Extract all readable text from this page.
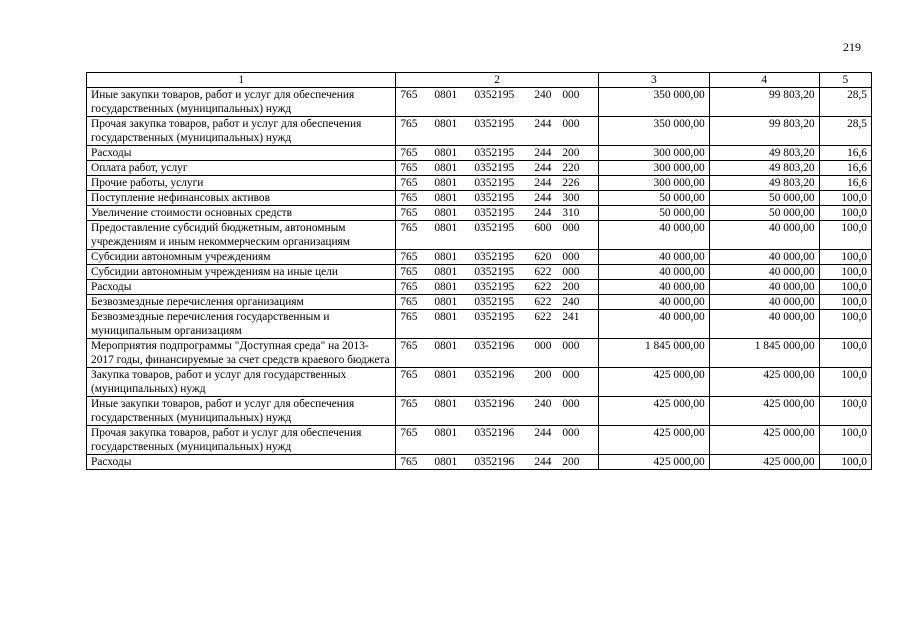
219
1	2	3	4	5
Иные закупки товаров, работ и услуг для обеспечения государственных (муниципальных) нужд	765 0801 0352195 240 000	350 000,00	99 803,20	28,5
Прочая закупка товаров, работ и услуг для обеспечения государственных (муниципальных) нужд	765 0801 0352195 244 000	350 000,00	99 803,20	28,5
Расходы	765 0801 0352195 244 200	300 000,00	49 803,20	16,6
Оплата работ, услуг	765 0801 0352195 244 220	300 000,00	49 803,20	16,6
Прочие работы, услуги	765 0801 0352195 244 226	300 000,00	49 803,20	16,6
Поступление нефинансовых активов	765 0801 0352195 244 300	50 000,00	50 000,00	100,0
Увеличение стоимости основных средств	765 0801 0352195 244 310	50 000,00	50 000,00	100,0
Предоставление субсидий бюджетным, автономным учреждениям и иным некоммерческим организациям	765 0801 0352195 600 000	40 000,00	40 000,00	100,0
Субсидии автономным учреждениям	765 0801 0352195 620 000	40 000,00	40 000,00	100,0
Субсидии автономным учреждениям на иные цели	765 0801 0352195 622 000	40 000,00	40 000,00	100,0
Расходы	765 0801 0352195 622 200	40 000,00	40 000,00	100,0
Безвозмездные перечисления организациям	765 0801 0352195 622 240	40 000,00	40 000,00	100,0
Безвозмездные перечисления государственным и муниципальным организациям	765 0801 0352195 622 241	40 000,00	40 000,00	100,0
Мероприятия подпрограммы "Доступная среда" на 2013-2017 годы, финансируемые за счет средств краевого бюджета	765 0801 0352196 000 000	1 845 000,00	1 845 000,00	100,0
Закупка товаров, работ и услуг для государственных (муниципальных) нужд	765 0801 0352196 200 000	425 000,00	425 000,00	100,0
Иные закупки товаров, работ и услуг для обеспечения государственных (муниципальных) нужд	765 0801 0352196 240 000	425 000,00	425 000,00	100,0
Прочая закупка товаров, работ и услуг для обеспечения государственных (муниципальных) нужд	765 0801 0352196 244 000	425 000,00	425 000,00	100,0
Расходы	765 0801 0352196 244 200	425 000,00	425 000,00	100,0
